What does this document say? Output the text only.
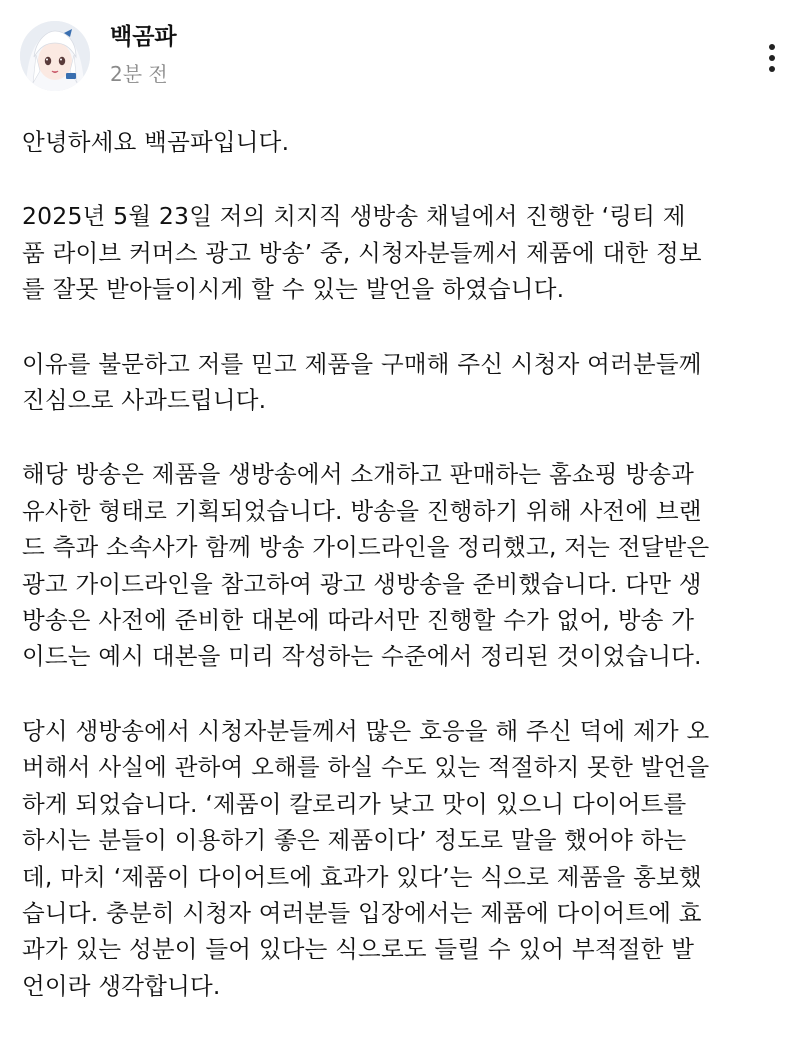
백곰파
2분 전

안녕하세요 백곰파입니다.

2025년 5월 23일 저의 치지직 생방송 채널에서 진행한 ‘링티 제
품 라이브 커머스 광고 방송’ 중, 시청자분들께서 제품에 대한 정보
를 잘못 받아들이시게 할 수 있는 발언을 하였습니다.

이유를 불문하고 저를 믿고 제품을 구매해 주신 시청자 여러분들께
진심으로 사과드립니다.

해당 방송은 제품을 생방송에서 소개하고 판매하는 홈쇼핑 방송과
유사한 형태로 기획되었습니다. 방송을 진행하기 위해 사전에 브랜
드 측과 소속사가 함께 방송 가이드라인을 정리했고, 저는 전달받은
광고 가이드라인을 참고하여 광고 생방송을 준비했습니다. 다만 생
방송은 사전에 준비한 대본에 따라서만 진행할 수가 없어, 방송 가
이드는 예시 대본을 미리 작성하는 수준에서 정리된 것이었습니다.

당시 생방송에서 시청자분들께서 많은 호응을 해 주신 덕에 제가 오
버해서 사실에 관하여 오해를 하실 수도 있는 적절하지 못한 발언을
하게 되었습니다. ‘제품이 칼로리가 낮고 맛이 있으니 다이어트를
하시는 분들이 이용하기 좋은 제품이다’ 정도로 말을 했어야 하는
데, 마치 ‘제품이 다이어트에 효과가 있다’는 식으로 제품을 홍보했
습니다. 충분히 시청자 여러분들 입장에서는 제품에 다이어트에 효
과가 있는 성분이 들어 있다는 식으로도 들릴 수 있어 부적절한 발
언이라 생각합니다.
